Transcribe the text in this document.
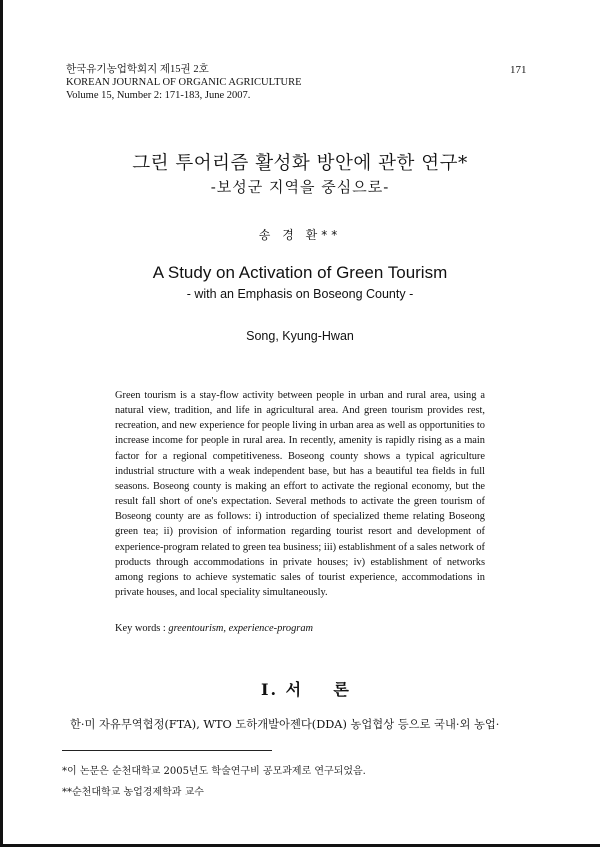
한국유기농업학회지 제15권 2호
KOREAN JOURNAL OF ORGANIC AGRICULTURE
Volume 15, Number 2: 171-183, June 2007.
171
그린 투어리즘 활성화 방안에 관한 연구*
-보성군 지역을 중심으로-
송 경 환**
A Study on Activation of Green Tourism
- with an Emphasis on Boseong County -
Song, Kyung-Hwan

Green tourism is a stay-flow activity between people in urban and rural area, using a natural view, tradition, and life in agricultural area. And green tourism provides rest, recreation, and new experience for people living in urban area as well as opportunities to increase income for people in rural area. In recently, amenity is rapidly rising as a main factor for a regional competitiveness. Boseong county shows a typical agriculture industrial structure with a weak independent base, but has a beautiful tea fields in full seasons. Boseong county is making an effort to activate the regional economy, but the result fall short of one's expectation. Several methods to activate the green tourism of Boseong county are as follows: i) introduction of specialized theme relating Boseong green tea; ii) provision of information regarding tourist resort and development of experience-program related to green tea business; iii) establishment of a sales network of products through accommodations in private houses; iv) establishment of networks among regions to achieve systematic sales of tourist experience, accommodations in private houses, and local speciality simultaneously.

Key words : greentourism, experience-program
Ⅰ. 서    론
한·미 자유무역협정(FTA), WTO 도하개발아젠다(DDA) 농업협상 등으로 국내·외 농업·
*이 논문은 순천대학교 2005년도 학술연구비 공모과제로 연구되었음.
**순천대학교 농업경제학과 교수
